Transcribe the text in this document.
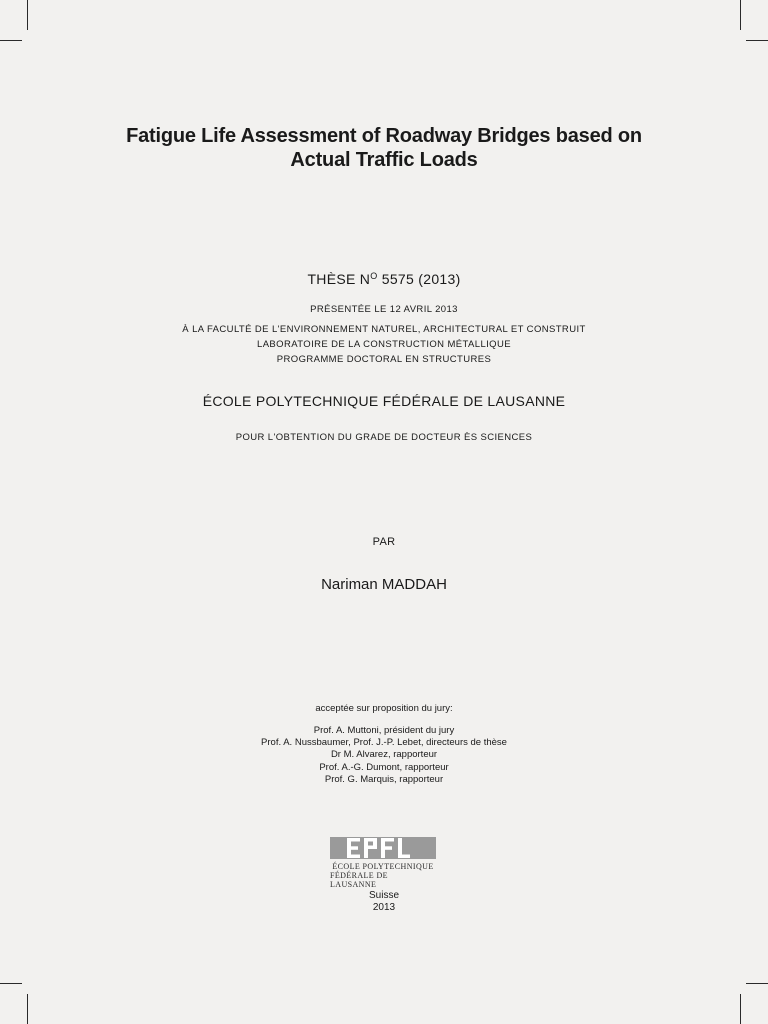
Fatigue Life Assessment of Roadway Bridges based on
Actual Traffic Loads
THÈSE $N^O$ 5575 (2013)
PRÉSENTÉE LE 12 AVRIL 2013
À LA FACULTÉ DE L'ENVIRONNEMENT NATUREL, ARCHITECTURAL ET CONSTRUIT
LABORATOIRE DE LA CONSTRUCTION MÉTALLIQUE
PROGRAMME DOCTORAL EN STRUCTURES
ÉCOLE POLYTECHNIQUE FÉDÉRALE DE LAUSANNE
POUR L'OBTENTION DU GRADE DE DOCTEUR ÈS SCIENCES
PAR
Nariman MADDAH
acceptée sur proposition du jury:
Prof. A. Muttoni, président du jury
Prof. A. Nussbaumer, Prof. J.-P. Lebet, directeurs de thèse
Dr M. Alvarez, rapporteur
Prof. A.-G. Dumont, rapporteur
Prof. G. Marquis, rapporteur
ÉCOLE POLYTECHNIQUE
FÉDÉRALE DE LAUSANNE
Suisse
2013
